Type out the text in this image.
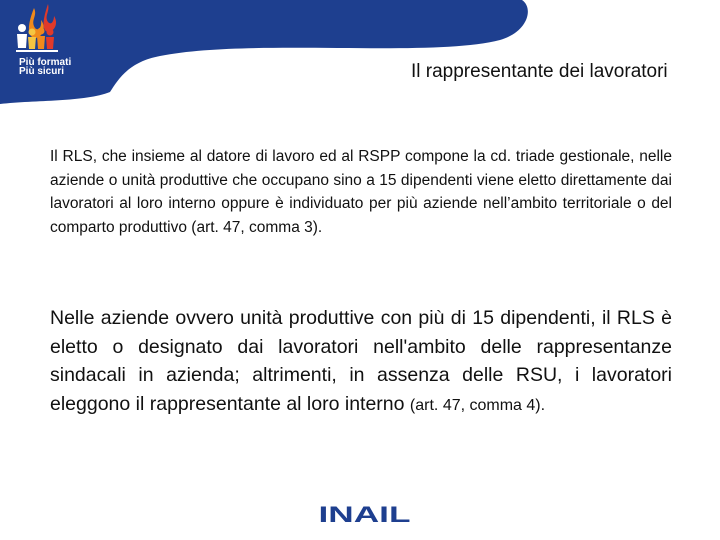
Più formati
Più sicuri	Il rappresentante dei lavoratori

Il RLS, che insieme al datore di lavoro ed al RSPP compone la cd. triade gestionale, nelle aziende o unità produttive che occupano sino a 15 dipendenti viene eletto direttamente dai lavoratori al loro interno oppure è individuato per più aziende nell’ambito territoriale o del comparto produttivo (art. 47, comma 3).

Nelle aziende ovvero unità produttive con più di 15 dipendenti, il RLS è eletto o designato dai lavoratori nell'ambito delle rappresentanze sindacali in azienda; altrimenti, in assenza delle RSU, i lavoratori eleggono il rappresentante al loro interno (art. 47, comma 4).

INAIL
